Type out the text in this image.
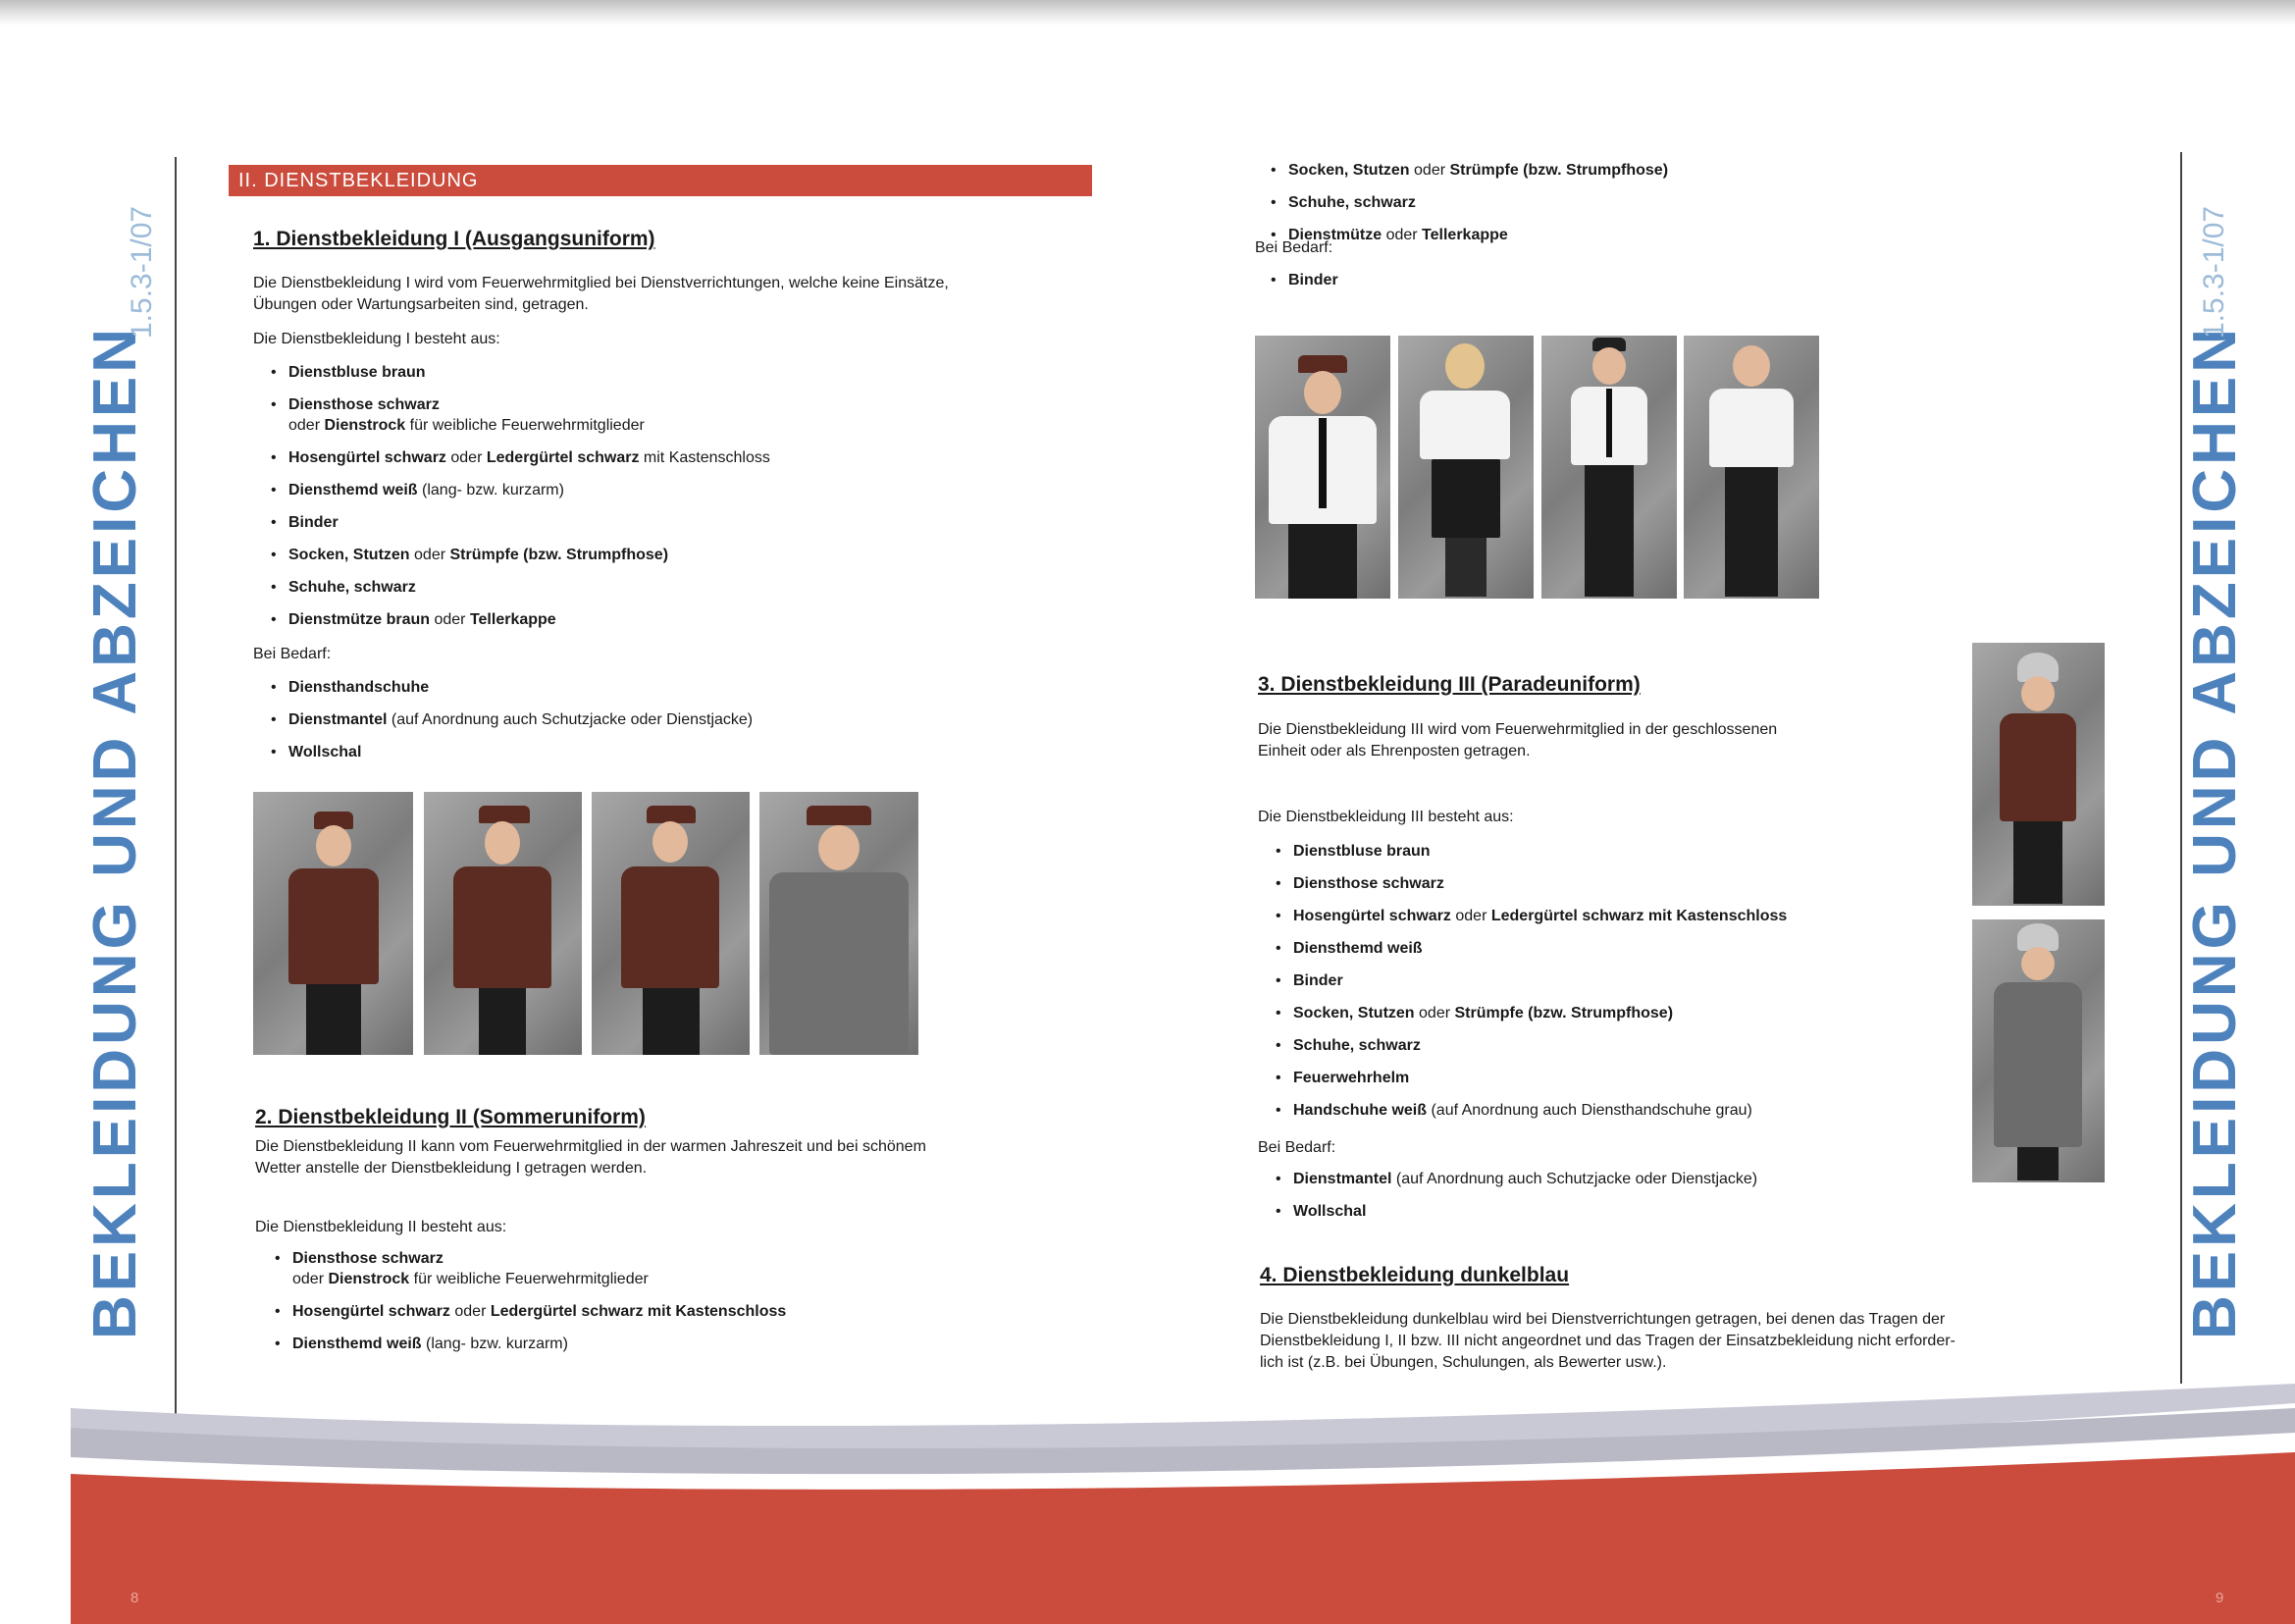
BEKLEIDUNG UND ABZEICHEN
1.5.3-1/07
BEKLEIDUNG UND ABZEICHEN
1.5.3-1/07
II. DIENSTBEKLEIDUNG
1. Dienstbekleidung I (Ausgangsuniform)
Die Dienstbekleidung I wird vom Feuerwehrmitglied bei Dienstverrichtungen, welche keine Einsätze,
Übungen oder Wartungsarbeiten sind, getragen.
Die Dienstbekleidung I besteht aus:
• Dienstbluse braun
• Diensthose schwarz
oder Dienstrock für weibliche Feuerwehrmitglieder
• Hosengürtel schwarz oder Ledergürtel schwarz mit Kastenschloss
• Diensthemd weiß (lang- bzw. kurzarm)
• Binder
• Socken, Stutzen oder Strümpfe (bzw. Strumpfhose)
• Schuhe, schwarz
• Dienstmütze braun oder Tellerkappe
Bei Bedarf:
• Diensthandschuhe
• Dienstmantel (auf Anordnung auch Schutzjacke oder Dienstjacke)
• Wollschal
2. Dienstbekleidung II (Sommeruniform)
Die Dienstbekleidung II kann vom Feuerwehrmitglied in der warmen Jahreszeit und bei schönem
Wetter anstelle der Dienstbekleidung I getragen werden.
Die Dienstbekleidung II besteht aus:
• Diensthose schwarz
oder Dienstrock für weibliche Feuerwehrmitglieder
• Hosengürtel schwarz oder Ledergürtel schwarz mit Kastenschloss
• Diensthemd weiß (lang- bzw. kurzarm)
• Socken, Stutzen oder Strümpfe (bzw. Strumpfhose)
• Schuhe, schwarz
• Dienstmütze oder Tellerkappe
Bei Bedarf:
• Binder
3. Dienstbekleidung III (Paradeuniform)
Die Dienstbekleidung III wird vom Feuerwehrmitglied in der geschlossenen
Einheit oder als Ehrenposten getragen.
Die Dienstbekleidung III besteht aus:
• Dienstbluse braun
• Diensthose schwarz
• Hosengürtel schwarz oder Ledergürtel schwarz mit Kastenschloss
• Diensthemd weiß
• Binder
• Socken, Stutzen oder Strümpfe (bzw. Strumpfhose)
• Schuhe, schwarz
• Feuerwehrhelm
• Handschuhe weiß (auf Anordnung auch Diensthandschuhe grau)
Bei Bedarf:
• Dienstmantel (auf Anordnung auch Schutzjacke oder Dienstjacke)
• Wollschal
4. Dienstbekleidung dunkelblau
Die Dienstbekleidung dunkelblau wird bei Dienstverrichtungen getragen, bei denen das Tragen der
Dienstbekleidung I, II bzw. III nicht angeordnet und das Tragen der Einsatzbekleidung nicht erforder-
lich ist (z.B. bei Übungen, Schulungen, als Bewerter usw.).
8	9
